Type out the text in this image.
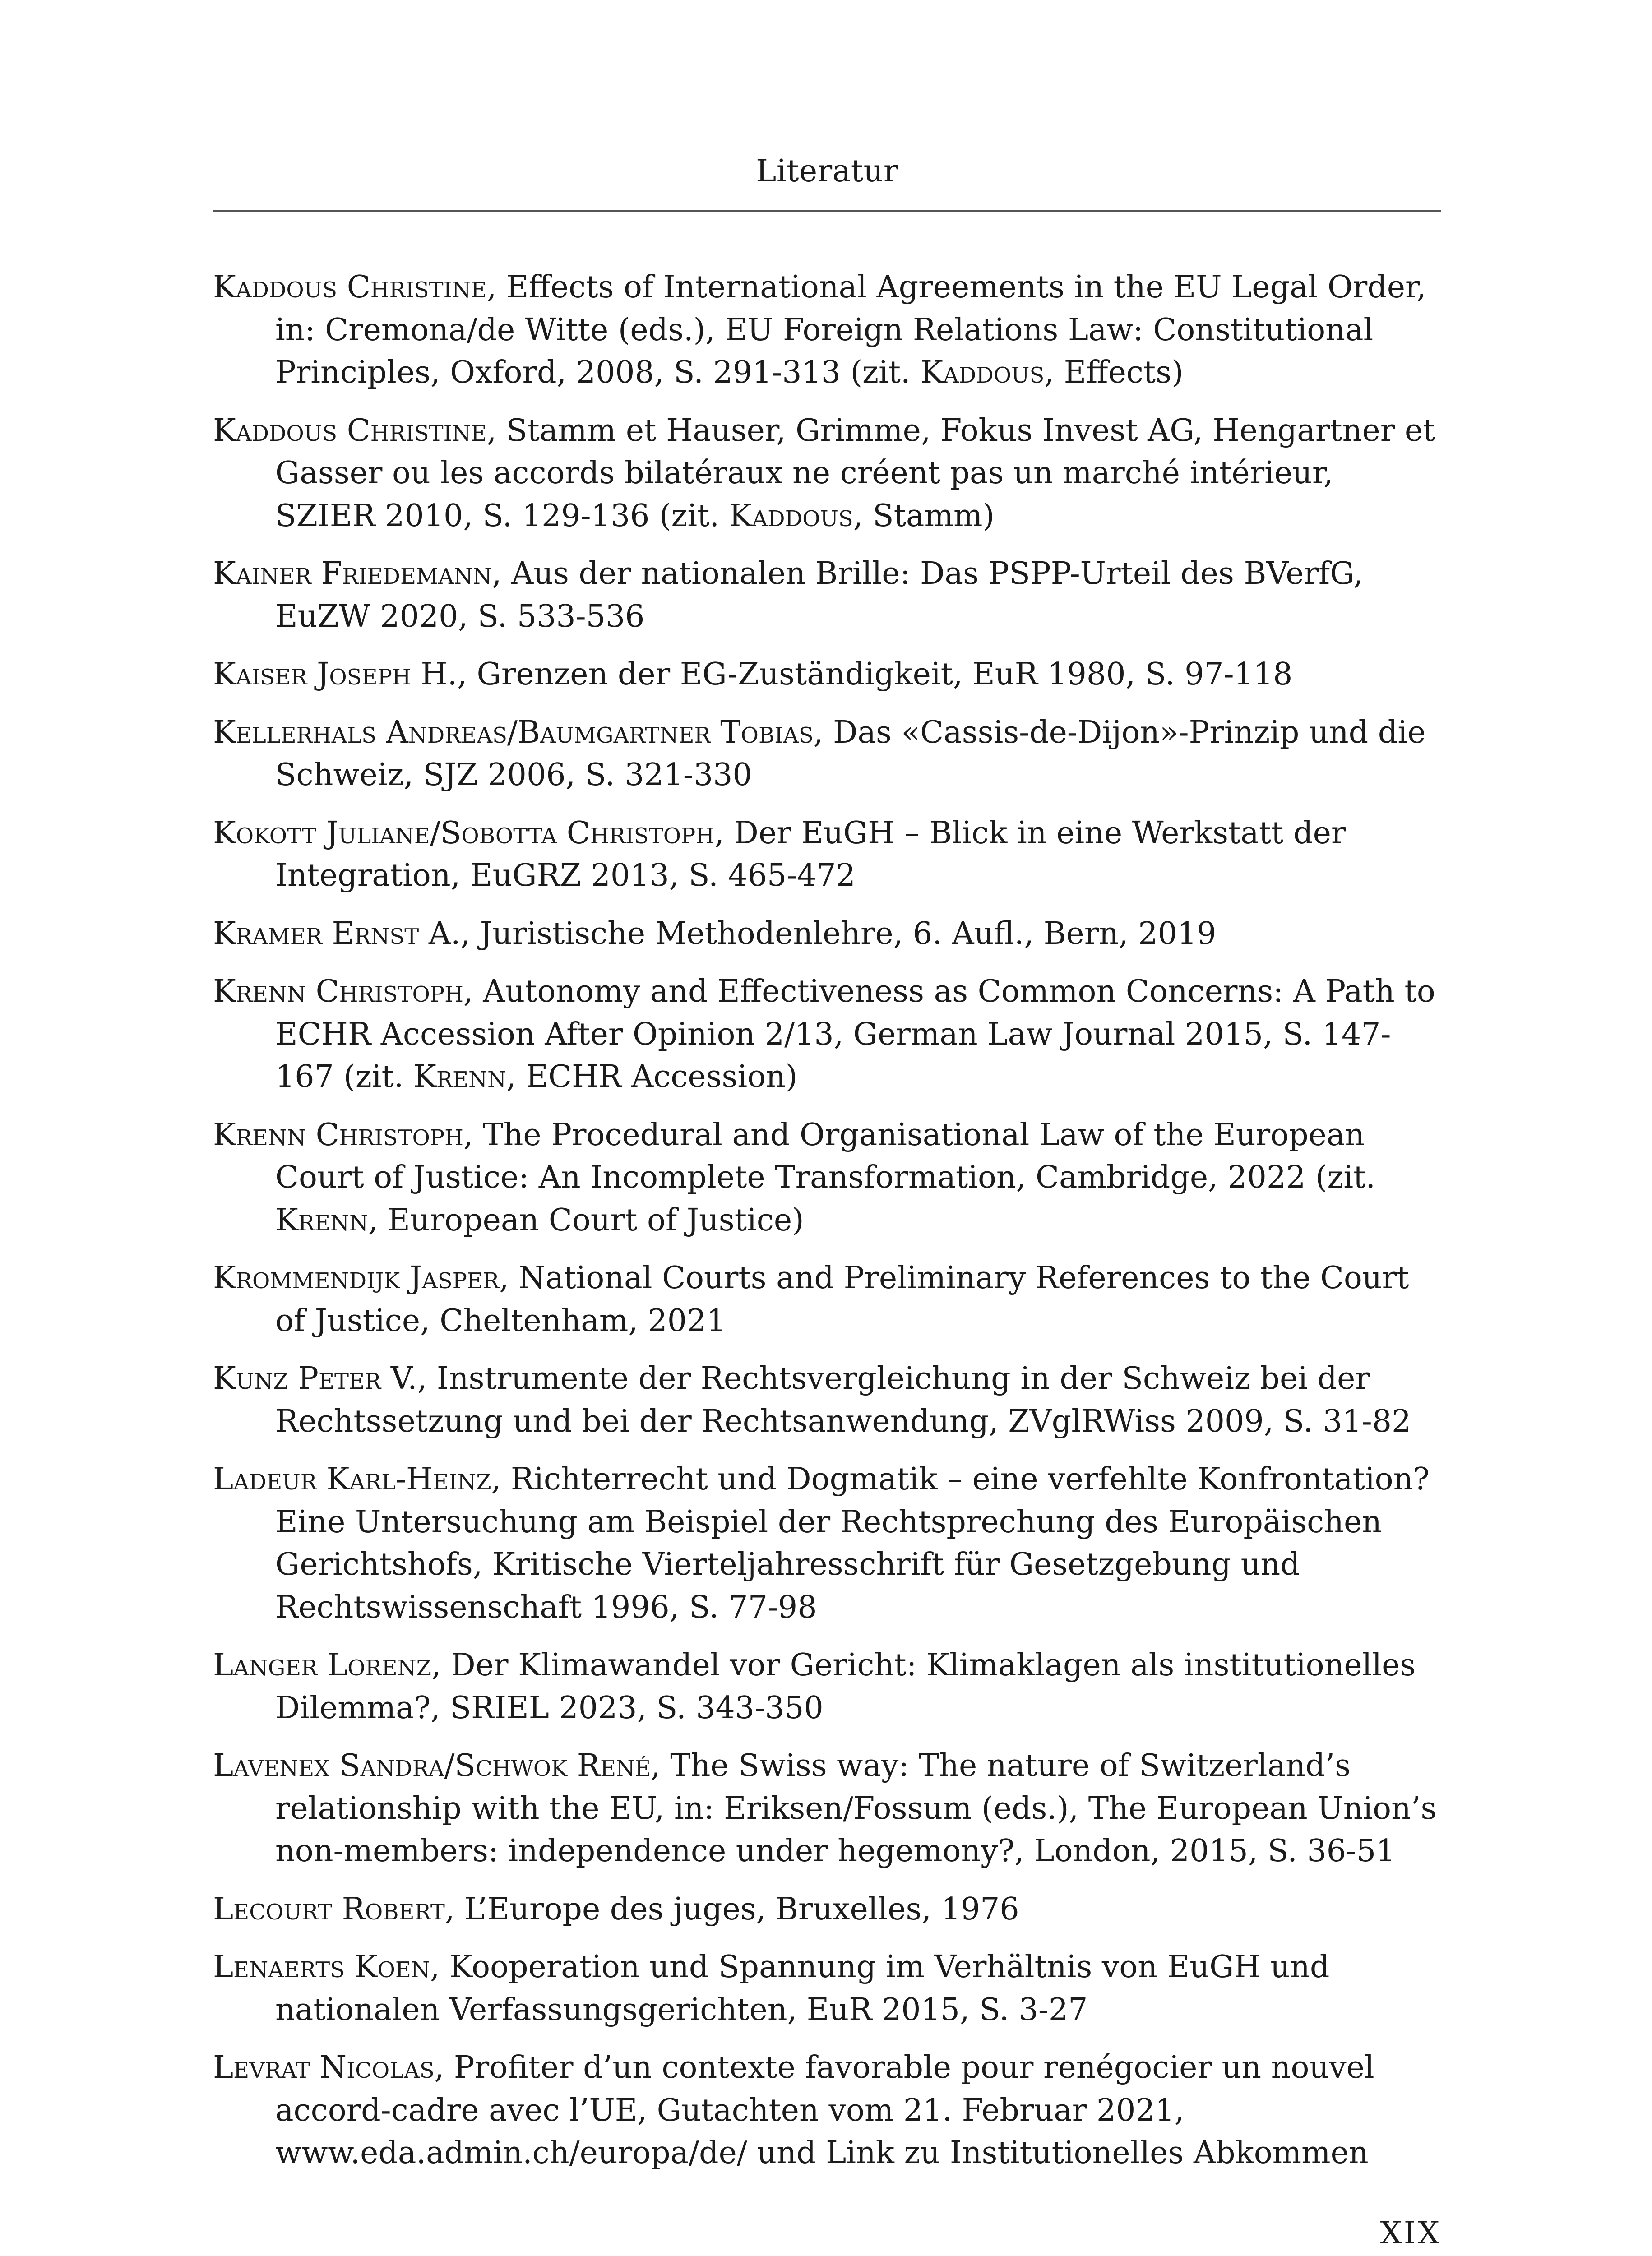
Literatur
Kaddous Christine, Effects of International Agreements in the EU Legal Order, in: Cremona/de Witte (eds.), EU Foreign Relations Law: Constitutional Principles, Oxford, 2008, S. 291-313 (zit. Kaddous, Effects)
Kaddous Christine, Stamm et Hauser, Grimme, Fokus Invest AG, Hengartner et Gasser ou les accords bilatéraux ne créent pas un marché intérieur, SZIER 2010, S. 129-136 (zit. Kaddous, Stamm)
Kainer Friedemann, Aus der nationalen Brille: Das PSPP-Urteil des BVerfG, EuZW 2020, S. 533-536
Kaiser Joseph H., Grenzen der EG-Zuständigkeit, EuR 1980, S. 97-118
Kellerhals Andreas/Baumgartner Tobias, Das «Cassis-de-Dijon»-Prinzip und die Schweiz, SJZ 2006, S. 321-330
Kokott Juliane/Sobotta Christoph, Der EuGH – Blick in eine Werkstatt der Integration, EuGRZ 2013, S. 465-472
Kramer Ernst A., Juristische Methodenlehre, 6. Aufl., Bern, 2019
Krenn Christoph, Autonomy and Effectiveness as Common Concerns: A Path to ECHR Accession After Opinion 2/13, German Law Journal 2015, S. 147-167 (zit. Krenn, ECHR Accession)
Krenn Christoph, The Procedural and Organisational Law of the European Court of Justice: An Incomplete Transformation, Cambridge, 2022 (zit. Krenn, European Court of Justice)
Krommendijk Jasper, National Courts and Preliminary References to the Court of Justice, Cheltenham, 2021
Kunz Peter V., Instrumente der Rechtsvergleichung in der Schweiz bei der Rechtssetzung und bei der Rechtsanwendung, ZVglRWiss 2009, S. 31-82
Ladeur Karl-Heinz, Richterrecht und Dogmatik – eine verfehlte Konfrontation? Eine Untersuchung am Beispiel der Rechtsprechung des Europäischen Gerichtshofs, Kritische Vierteljahresschrift für Gesetzgebung und Rechtswissenschaft 1996, S. 77-98
Langer Lorenz, Der Klimawandel vor Gericht: Klimaklagen als institutionelles Dilemma?, SRIEL 2023, S. 343-350
Lavenex Sandra/Schwok René, The Swiss way: The nature of Switzerland’s relationship with the EU, in: Eriksen/Fossum (eds.), The European Union’s non-members: independence under hegemony?, London, 2015, S. 36-51
Lecourt Robert, L’Europe des juges, Bruxelles, 1976
Lenaerts Koen, Kooperation und Spannung im Verhältnis von EuGH und nationalen Verfassungsgerichten, EuR 2015, S. 3-27
Levrat Nicolas, Profiter d’un contexte favorable pour renégocier un nouvel accord-cadre avec l’UE, Gutachten vom 21. Februar 2021, www.eda.admin.ch/europa/de/ und Link zu Institutionelles Abkommen
XIX
